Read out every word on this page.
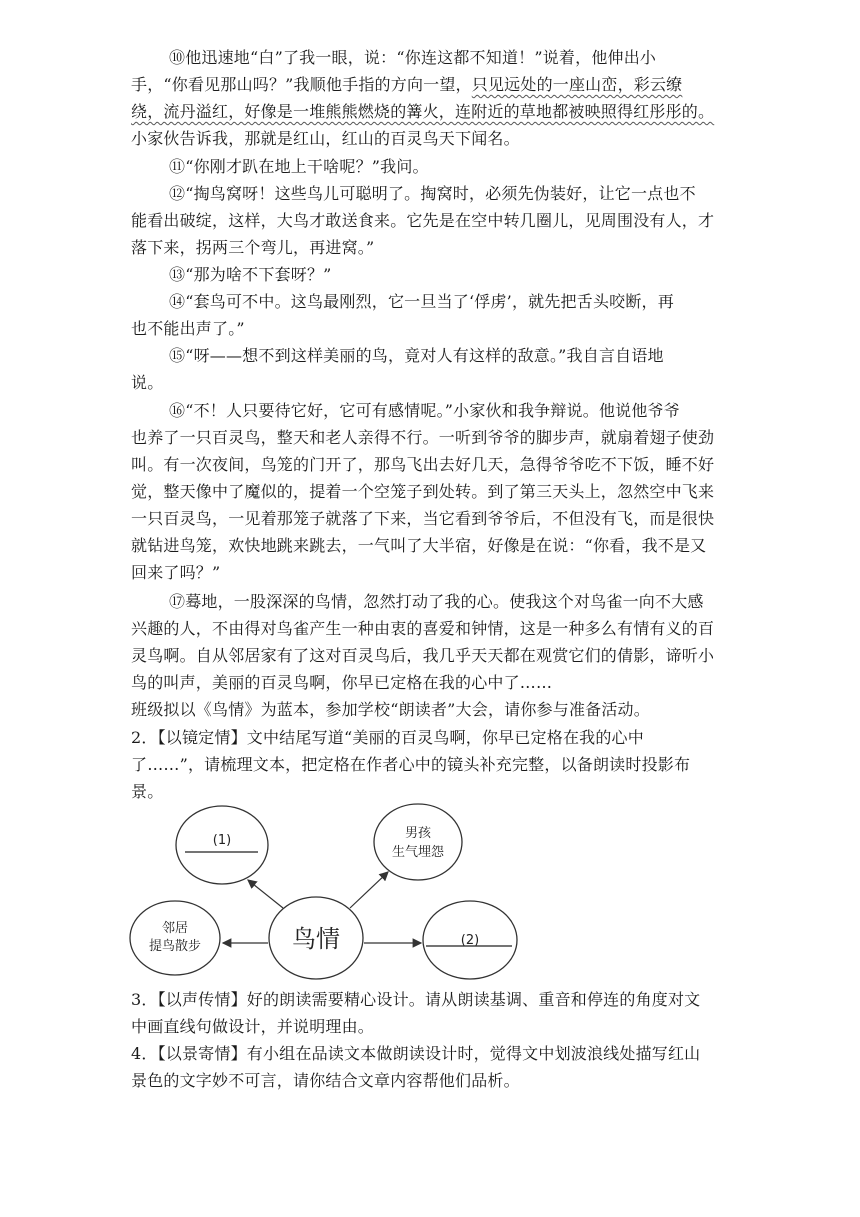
⑩他迅速地“白”了我一眼，说：“你连这都不知道！”说着，他伸出小
手，“你看见那山吗？”我顺他手指的方向一望，只见远处的一座山峦，彩云缭
绕，流丹溢红，好像是一堆熊熊燃烧的篝火，连附近的草地都被映照得红彤彤的。
小家伙告诉我，那就是红山，红山的百灵鸟天下闻名。
⑪“你刚才趴在地上干啥呢？”我问。
⑫“掏鸟窝呀！这些鸟儿可聪明了。掏窝时，必须先伪装好，让它一点也不
能看出破绽，这样，大鸟才敢送食来。它先是在空中转几圈儿，见周围没有人，才
落下来，拐两三个弯儿，再进窝。”
⑬“那为啥不下套呀？”
⑭“套鸟可不中。这鸟最刚烈，它一旦当了‘俘虏’，就先把舌头咬断，再
也不能出声了。”
⑮“呀——想不到这样美丽的鸟，竟对人有这样的敌意。”我自言自语地
说。
⑯“不！人只要待它好，它可有感情呢。”小家伙和我争辩说。他说他爷爷
也养了一只百灵鸟，整天和老人亲得不行。一听到爷爷的脚步声，就扇着翅子使劲
叫。有一次夜间，鸟笼的门开了，那鸟飞出去好几天，急得爷爷吃不下饭，睡不好
觉，整天像中了魔似的，提着一个空笼子到处转。到了第三天头上，忽然空中飞来
一只百灵鸟，一见着那笼子就落了下来，当它看到爷爷后，不但没有飞，而是很快
就钻进鸟笼，欢快地跳来跳去，一气叫了大半宿，好像是在说：“你看，我不是又
回来了吗？”
⑰蓦地，一股深深的鸟情，忽然打动了我的心。使我这个对鸟雀一向不大感
兴趣的人，不由得对鸟雀产生一种由衷的喜爱和钟情，这是一种多么有情有义的百
灵鸟啊。自从邻居家有了这对百灵鸟后，我几乎天天都在观赏它们的倩影，谛听小
鸟的叫声，美丽的百灵鸟啊，你早已定格在我的心中了……
班级拟以《鸟情》为蓝本，参加学校“朗读者”大会，请你参与准备活动。
2．【以镜定情】文中结尾写道“美丽的百灵鸟啊，你早已定格在我的心中
了……”，请梳理文本，把定格在作者心中的镜头补充完整，以备朗读时投影布
景。
3．【以声传情】好的朗读需要精心设计。请从朗读基调、重音和停连的角度对文
中画直线句做设计，并说明理由。
4．【以景寄情】有小组在品读文本做朗读设计时，觉得文中划波浪线处描写红山
景色的文字妙不可言，请你结合文章内容帮他们品析。
(1)	男孩
生气埋怨
邻居
提鸟散步	鸟情	(2)
